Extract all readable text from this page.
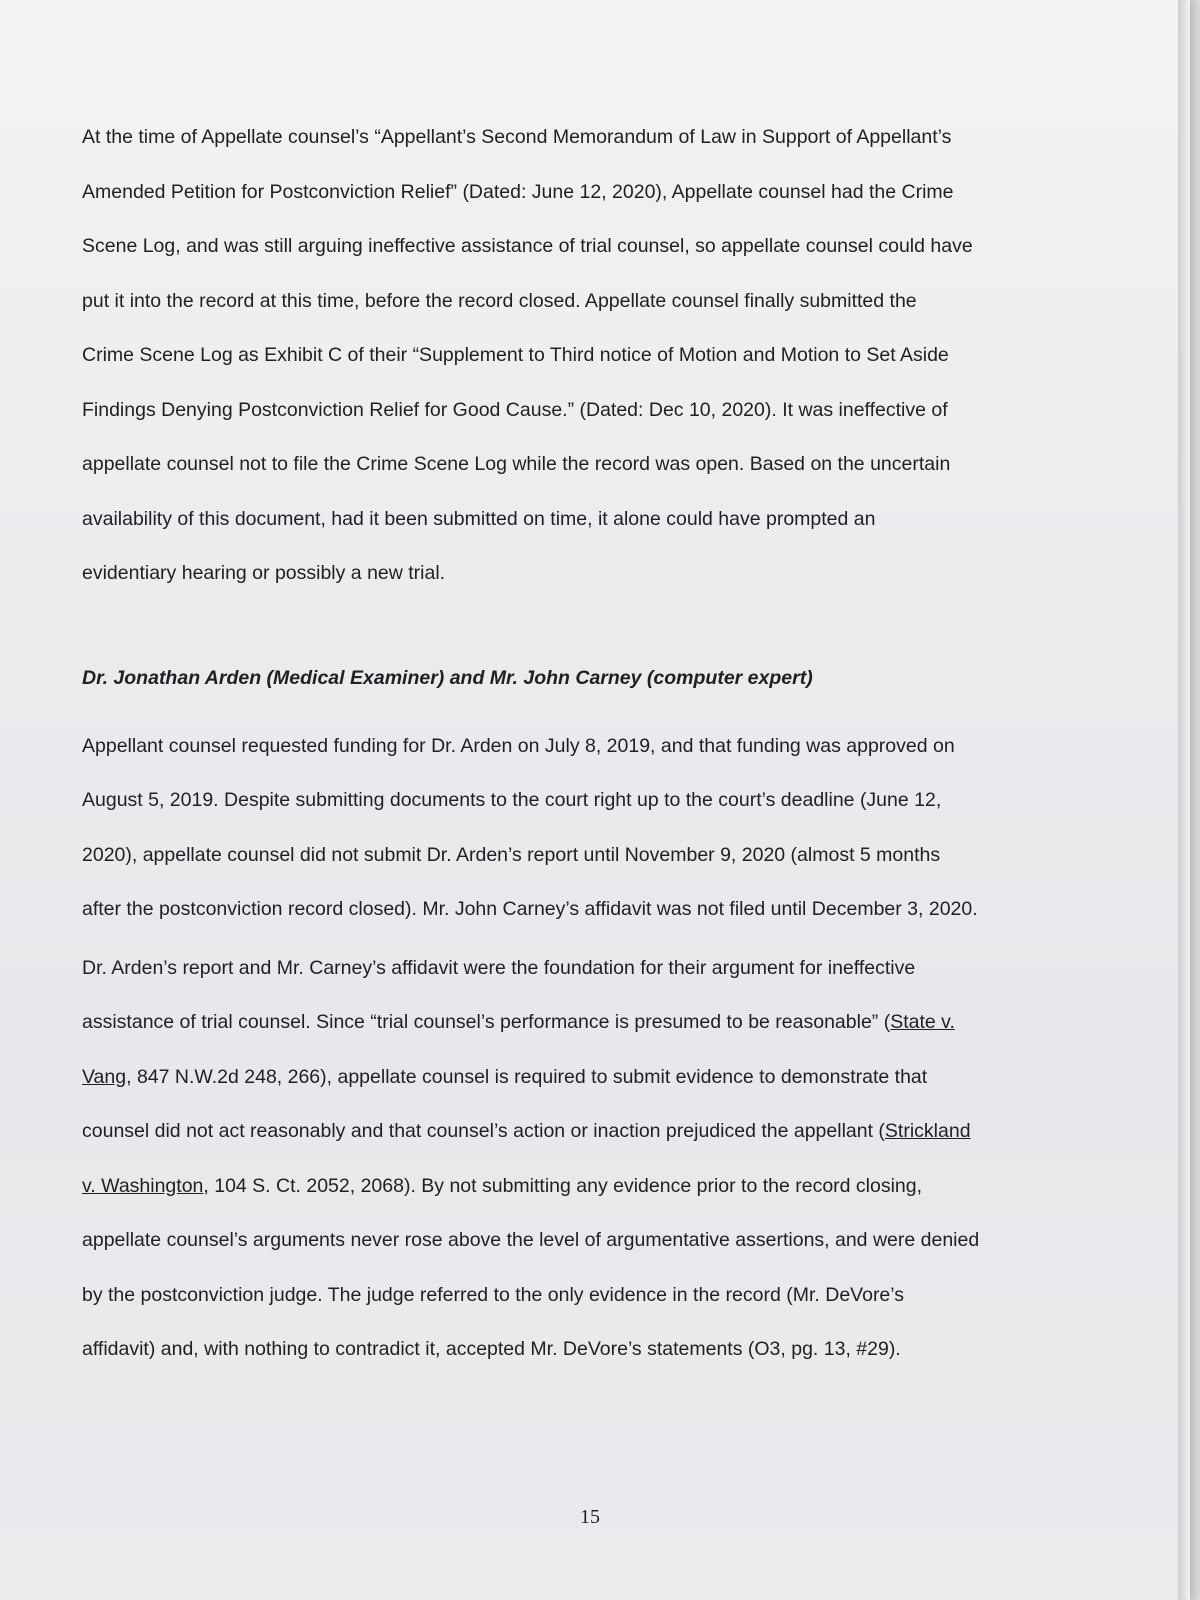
At the time of Appellate counsel’s “Appellant’s Second Memorandum of Law in Support of Appellant’s
Amended Petition for Postconviction Relief” (Dated: June 12, 2020), Appellate counsel had the Crime
Scene Log, and was still arguing ineffective assistance of trial counsel, so appellate counsel could have
put it into the record at this time, before the record closed. Appellate counsel finally submitted the
Crime Scene Log as Exhibit C of their “Supplement to Third notice of Motion and Motion to Set Aside
Findings Denying Postconviction Relief for Good Cause.” (Dated: Dec 10, 2020). It was ineffective of
appellate counsel not to file the Crime Scene Log while the record was open. Based on the uncertain
availability of this document, had it been submitted on time, it alone could have prompted an
evidentiary hearing or possibly a new trial.

Dr. Jonathan Arden (Medical Examiner) and Mr. John Carney (computer expert)

Appellant counsel requested funding for Dr. Arden on July 8, 2019, and that funding was approved on
August 5, 2019. Despite submitting documents to the court right up to the court’s deadline (June 12,
2020), appellate counsel did not submit Dr. Arden’s report until November 9, 2020 (almost 5 months
after the postconviction record closed). Mr. John Carney’s affidavit was not filed until December 3, 2020.

Dr. Arden’s report and Mr. Carney’s affidavit were the foundation for their argument for ineffective
assistance of trial counsel. Since “trial counsel’s performance is presumed to be reasonable” (State v.
Vang, 847 N.W.2d 248, 266), appellate counsel is required to submit evidence to demonstrate that
counsel did not act reasonably and that counsel’s action or inaction prejudiced the appellant (Strickland
v. Washington, 104 S. Ct. 2052, 2068). By not submitting any evidence prior to the record closing,
appellate counsel’s arguments never rose above the level of argumentative assertions, and were denied
by the postconviction judge. The judge referred to the only evidence in the record (Mr. DeVore’s
affidavit) and, with nothing to contradict it, accepted Mr. DeVore’s statements (O3, pg. 13, #29).

15
